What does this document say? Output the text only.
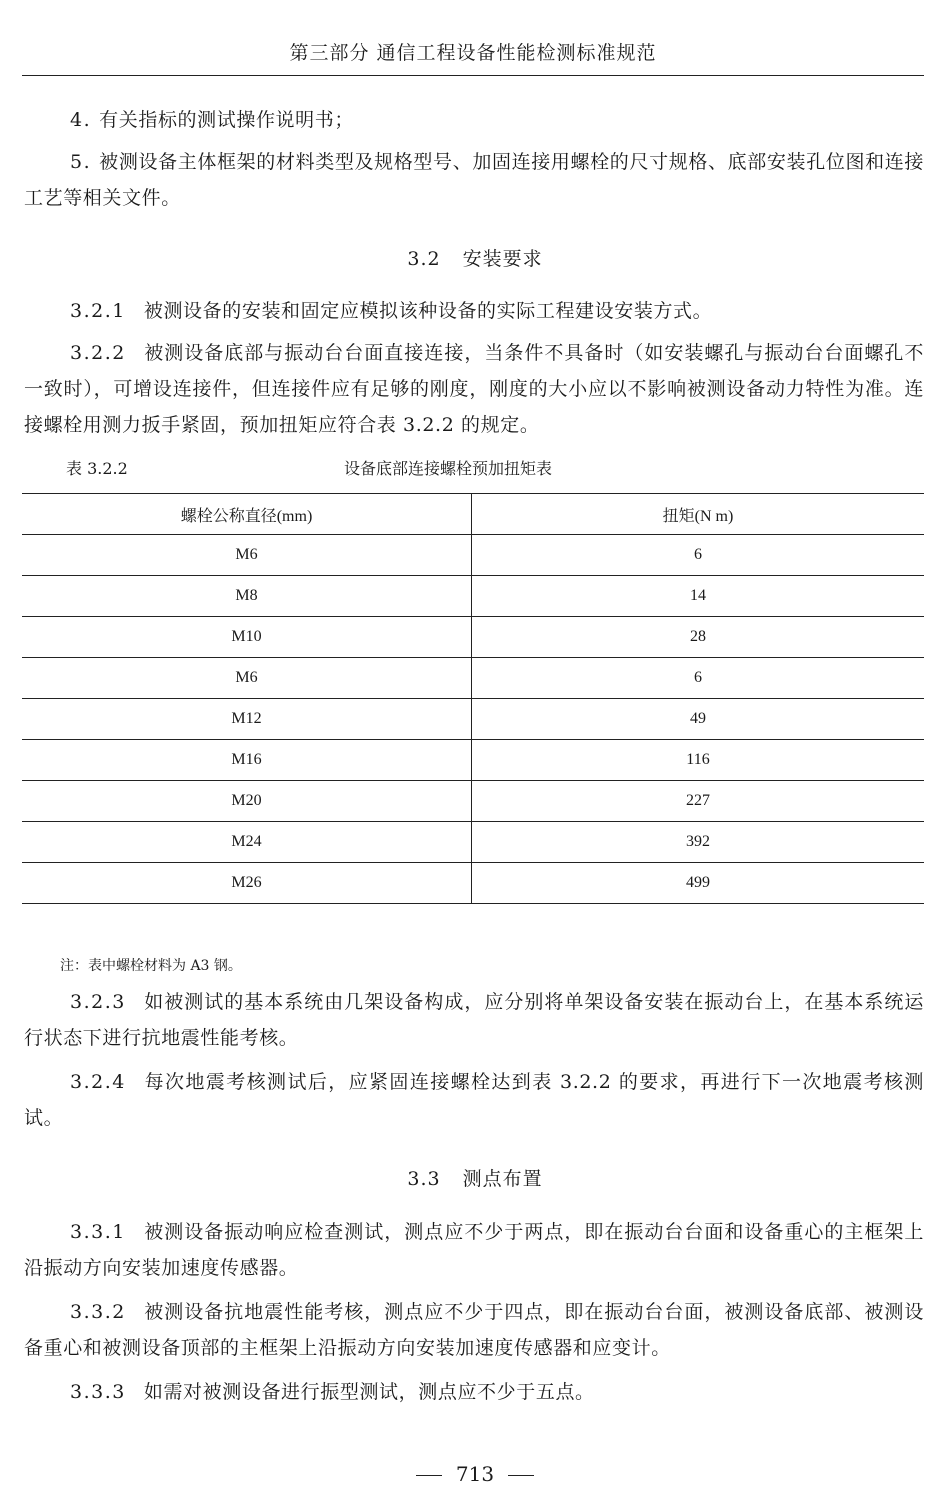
第三部分 通信工程设备性能检测标准规范

4. 有关指标的测试操作说明书；

5. 被测设备主体框架的材料类型及规格型号、加固连接用螺栓的尺寸规格、底部安装孔位图和连接工艺等相关文件。

3.2 安装要求

3.2.1 被测设备的安装和固定应模拟该种设备的实际工程建设安装方式。

3.2.2 被测设备底部与振动台台面直接连接，当条件不具备时（如安装螺孔与振动台台面螺孔不一致时），可增设连接件，但连接件应有足够的刚度，刚度的大小应以不影响被测设备动力特性为准。连接螺栓用测力扳手紧固，预加扭矩应符合表 3.2.2 的规定。

表 3.2.2	设备底部连接螺栓预加扭矩表
螺栓公称直径(mm)	扭矩(N m)
M6	6
M8	14
M10	28
M6	6
M12	49
M16	116
M20	227
M24	392
M26	499
注：表中螺栓材料为 A3 钢。

3.2.3 如被测试的基本系统由几架设备构成，应分别将单架设备安装在振动台上，在基本系统运行状态下进行抗地震性能考核。

3.2.4 每次地震考核测试后，应紧固连接螺栓达到表 3.2.2 的要求，再进行下一次地震考核测试。

3.3 测点布置

3.3.1 被测设备振动响应检查测试，测点应不少于两点，即在振动台台面和设备重心的主框架上沿振动方向安装加速度传感器。

3.3.2 被测设备抗地震性能考核，测点应不少于四点，即在振动台台面，被测设备底部、被测设备重心和被测设备顶部的主框架上沿振动方向安装加速度传感器和应变计。

3.3.3 如需对被测设备进行振型测试，测点应不少于五点。

713
